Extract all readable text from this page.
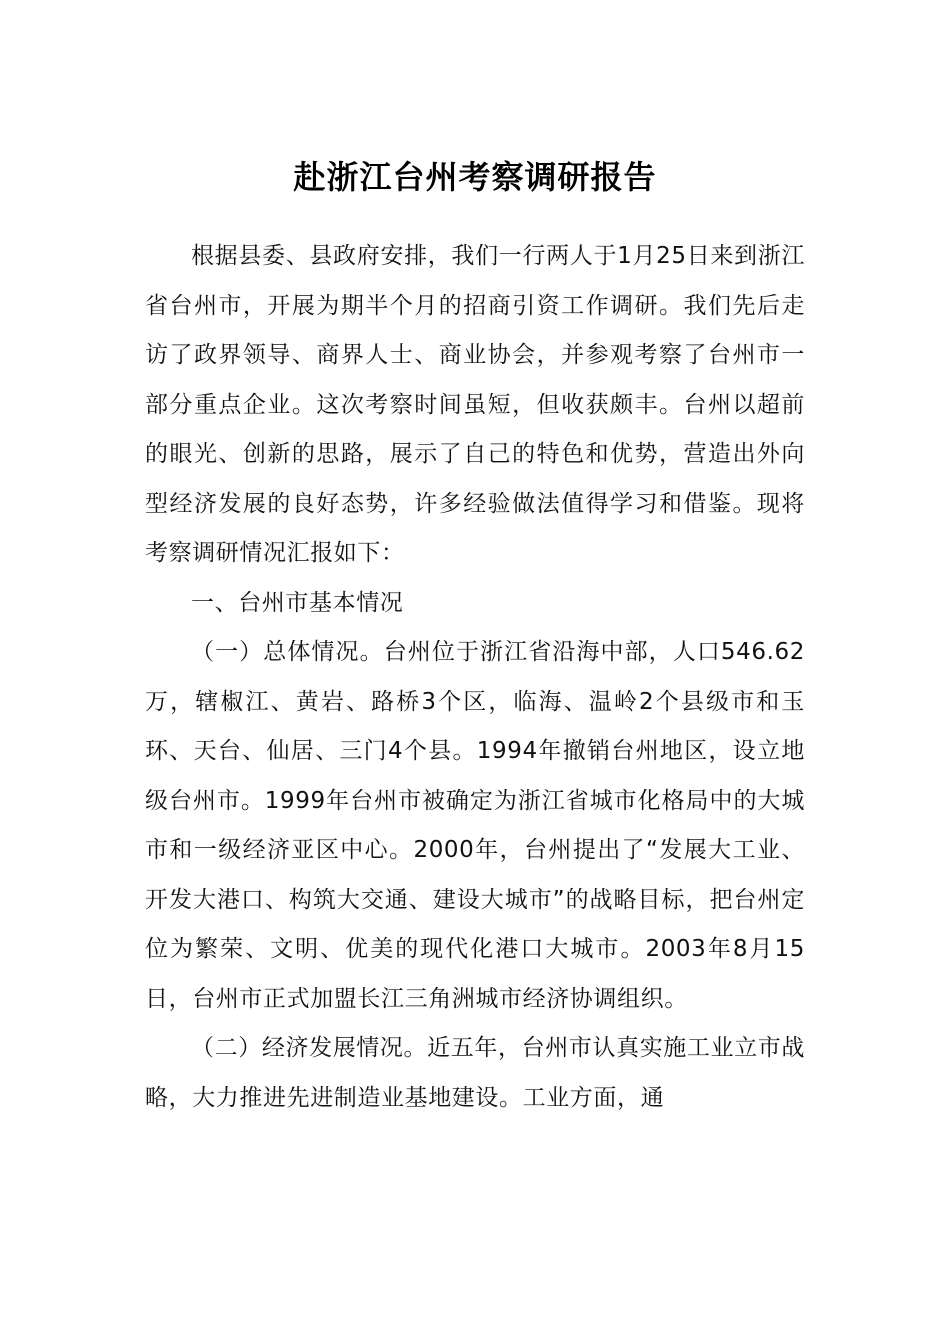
赴浙江台州考察调研报告

根据县委、县政府安排，我们一行两人于1月25日来到浙江省台州市，开展为期半个月的招商引资工作调研。我们先后走访了政界领导、商界人士、商业协会，并参观考察了台州市一部分重点企业。这次考察时间虽短，但收获颇丰。台州以超前的眼光、创新的思路，展示了自己的特色和优势，营造出外向型经济发展的良好态势，许多经验做法值得学习和借鉴。现将考察调研情况汇报如下：

一、台州市基本情况

（一）总体情况。台州位于浙江省沿海中部，人口546.62万，辖椒江、黄岩、路桥3个区，临海、温岭2个县级市和玉环、天台、仙居、三门4个县。1994年撤销台州地区，设立地级台州市。1999年台州市被确定为浙江省城市化格局中的大城市和一级经济亚区中心。2000年，台州提出了“发展大工业、开发大港口、构筑大交通、建设大城市”的战略目标，把台州定位为繁荣、文明、优美的现代化港口大城市。2003年8月15日，台州市正式加盟长江三角洲城市经济协调组织。

（二）经济发展情况。近五年，台州市认真实施工业立市战略，大力推进先进制造业基地建设。工业方面，通
